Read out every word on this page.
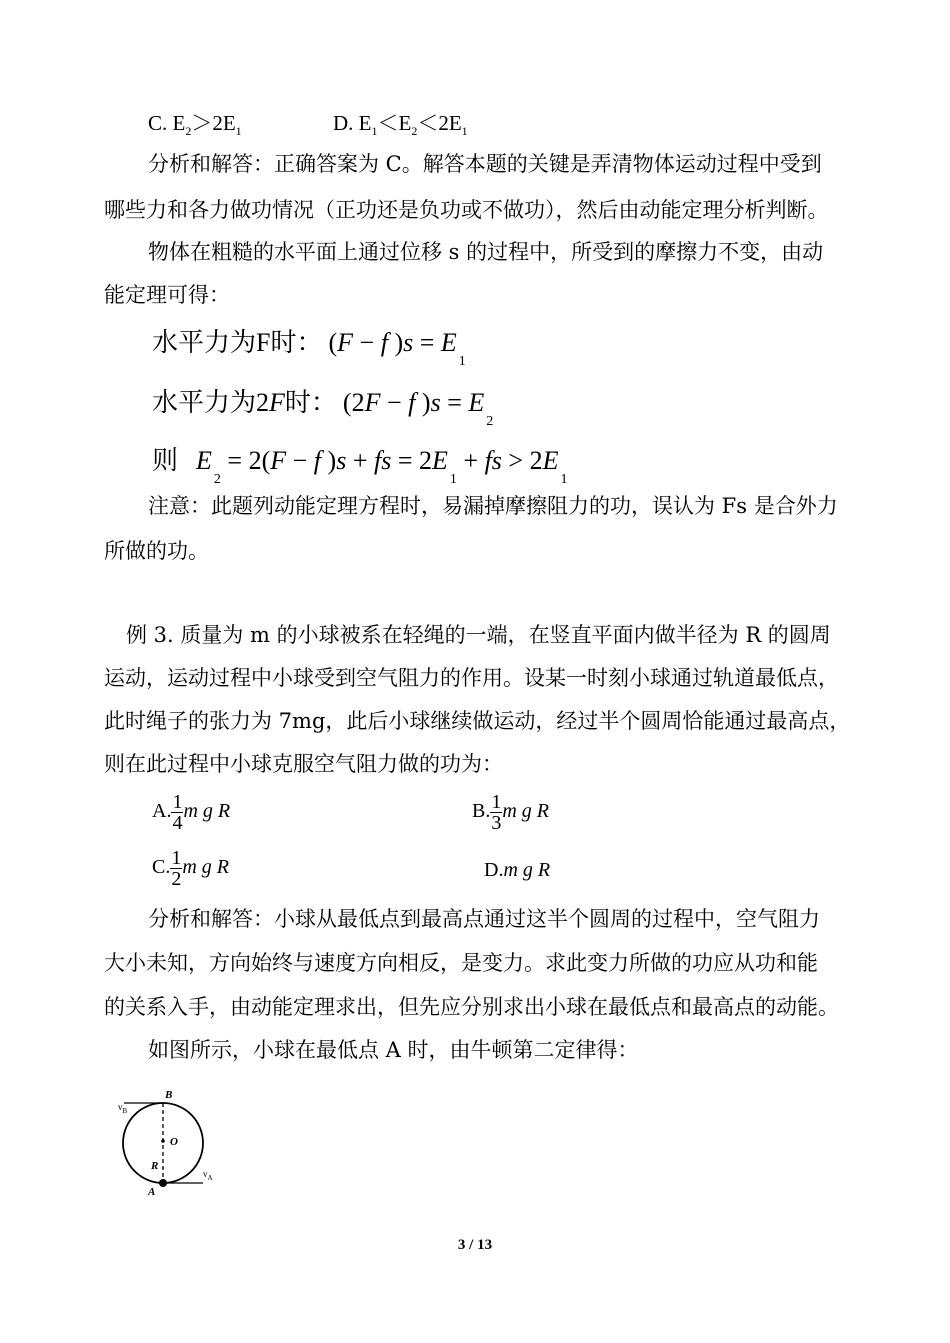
C. $E_2>2E_1$	D. $E_1<E_2<2E_1$
分析和解答：正确答案为 C。解答本题的关键是弄清物体运动过程中受到
哪些力和各力做功情况（正功还是负功或不做功），然后由动能定理分析判断。
物体在粗糙的水平面上通过位移 s 的过程中，所受到的摩擦力不变，由动
能定理可得：
水平力为F时： (F − f )$s = E_1$
水平力为2F时： (2F − f )$s = E_2$
则 $E_2 = 2(F - f$ )s + fs = $2E_1$ + fs > $2E_1$
注意：此题列动能定理方程时，易漏掉摩擦阻力的功，误认为 Fs 是合外力
所做的功。
例 3. 质量为 m 的小球被系在轻绳的一端，在竖直平面内做半径为 R 的圆周
运动，运动过程中小球受到空气阻力的作用。设某一时刻小球通过轨道最低点，
此时绳子的张力为 7mg，此后小球继续做运动，经过半个圆周恰能通过最高点，
则在此过程中小球克服空气阻力做的功为：
A. $\frac{1}{4}$ m g R	B. $\frac{1}{3}$ m g R
C. $\frac{1}{2}$ m g R	D.m g R
分析和解答：小球从最低点到最高点通过这半个圆周的过程中，空气阻力
大小未知，方向始终与速度方向相反，是变力。求此变力所做的功应从功和能
的关系入手，由动能定理求出，但先应分别求出小球在最低点和最高点的动能。
如图所示，小球在最低点 A 时，由牛顿第二定律得：
B
O
R
A
$v_B$
$v_A$
3 / 13
